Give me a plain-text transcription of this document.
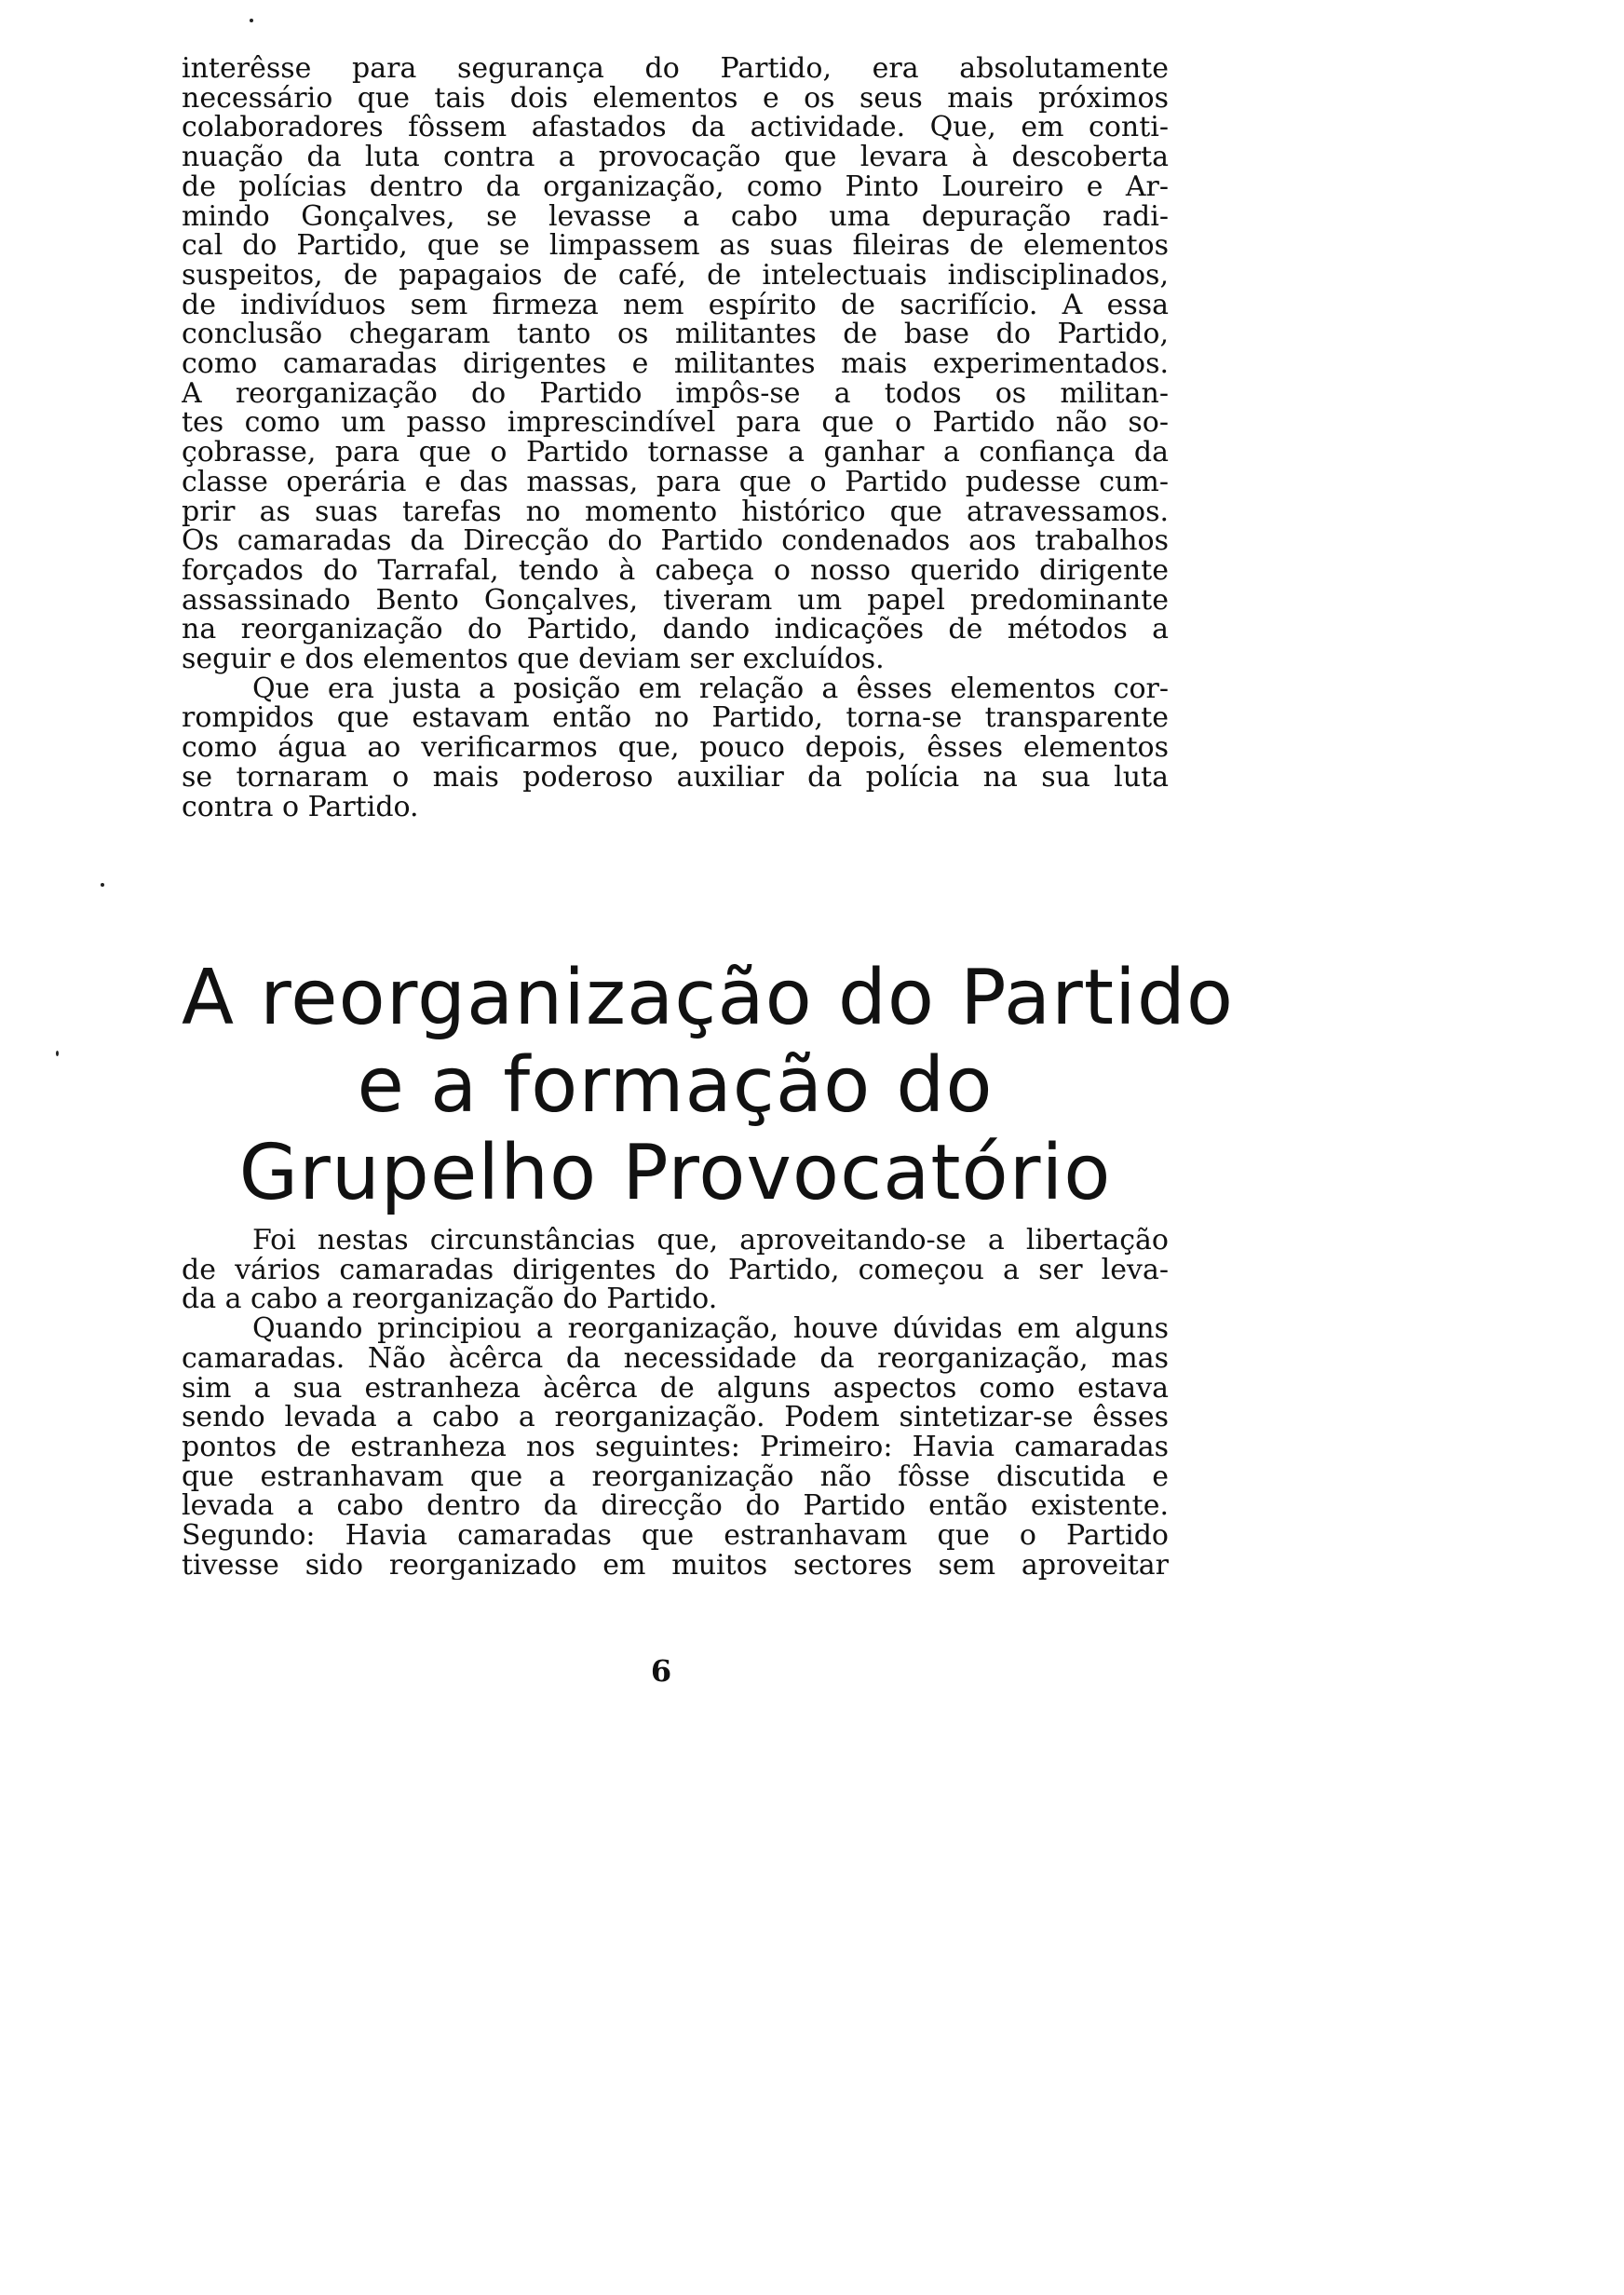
interêsse para segurança do Partido, era absolutamente
necessário que tais dois elementos e os seus mais próximos
colaboradores fôssem afastados da actividade. Que, em conti-
nuação da luta contra a provocação que levara à descoberta
de polícias dentro da organização, como Pinto Loureiro e Ar-
mindo Gonçalves, se levasse a cabo uma depuração radi-
cal do Partido, que se limpassem as suas fileiras de elementos
suspeitos, de papagaios de café, de intelectuais indisciplinados,
de indivíduos sem firmeza nem espírito de sacrifício. A essa
conclusão chegaram tanto os militantes de base do Partido,
como camaradas dirigentes e militantes mais experimentados.
A reorganização do Partido impôs-se a todos os militan-
tes como um passo imprescindível para que o Partido não so-
çobrasse, para que o Partido tornasse a ganhar a confiança da
classe operária e das massas, para que o Partido pudesse cum-
prir as suas tarefas no momento histórico que atravessamos.
Os camaradas da Direcção do Partido condenados aos trabalhos
forçados do Tarrafal, tendo à cabeça o nosso querido dirigente
assassinado Bento Gonçalves, tiveram um papel predominante
na reorganização do Partido, dando indicações de métodos a
seguir e dos elementos que deviam ser excluídos.
Que era justa a posição em relação a êsses elementos cor-
rompidos que estavam então no Partido, torna-se transparente
como água ao verificarmos que, pouco depois, êsses elementos
se tornaram o mais poderoso auxiliar da polícia na sua luta
contra o Partido.
A reorganização do Partido
e a formação do
Grupelho Provocatório
Foi nestas circunstâncias que, aproveitando-se a libertação
de vários camaradas dirigentes do Partido, começou a ser leva-
da a cabo a reorganização do Partido.
Quando principiou a reorganização, houve dúvidas em alguns
camaradas. Não àcêrca da necessidade da reorganização, mas
sim a sua estranheza àcêrca de alguns aspectos como estava
sendo levada a cabo a reorganização. Podem sintetizar-se êsses
pontos de estranheza nos seguintes: Primeiro: Havia camaradas
que estranhavam que a reorganização não fôsse discutida e
levada a cabo dentro da direcção do Partido então existente.
Segundo: Havia camaradas que estranhavam que o Partido
tivesse sido reorganizado em muitos sectores sem aproveitar
6
